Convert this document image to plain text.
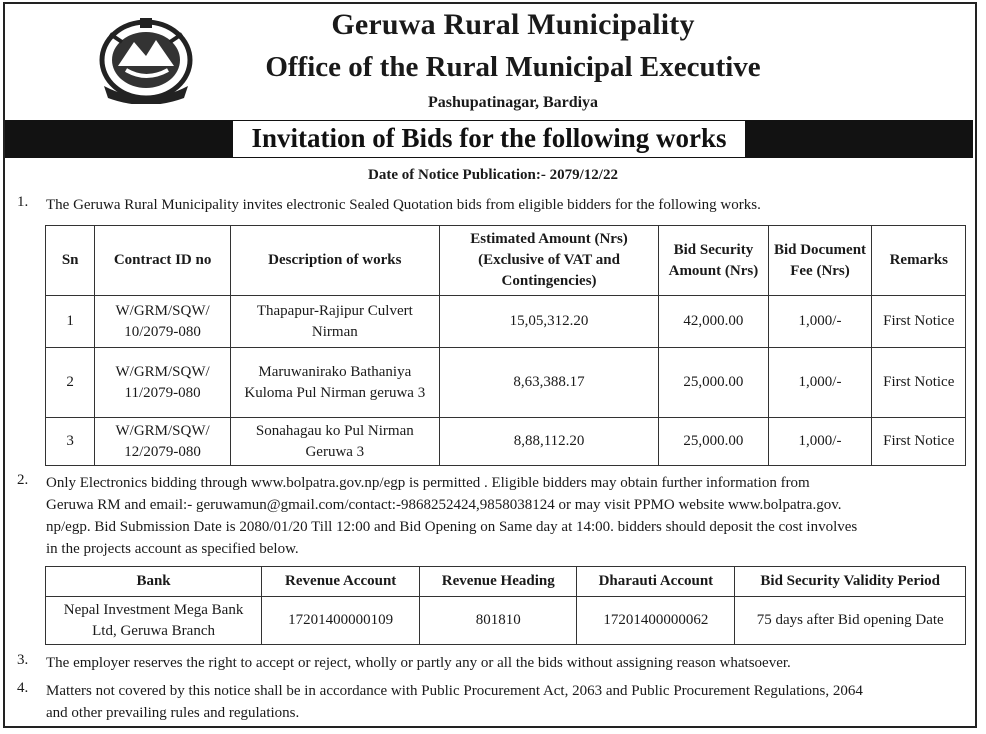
Geruwa Rural Municipality
Office of the Rural Municipal Executive
Pashupatinagar, Bardiya
Invitation of Bids for the following works
Date of Notice Publication:- 2079/12/22
1. The Geruwa Rural Municipality invites electronic Sealed Quotation bids from eligible bidders for the following works.
Sn	Contract ID no	Description of works	Estimated Amount (Nrs) (Exclusive of VAT and Contingencies)	Bid Security Amount (Nrs)	Bid Document Fee (Nrs)	Remarks
1	W/GRM/SQW/ 10/2079-080	Thapapur-Rajipur Culvert Nirman	15,05,312.20	42,000.00	1,000/-	First Notice
2	W/GRM/SQW/ 11/2079-080	Maruwanirako Bathaniya Kuloma Pul Nirman geruwa 3	8,63,388.17	25,000.00	1,000/-	First Notice
3	W/GRM/SQW/ 12/2079-080	Sonahagau ko Pul Nirman Geruwa 3	8,88,112.20	25,000.00	1,000/-	First Notice
2. Only Electronics bidding through www.bolpatra.gov.np/egp is permitted . Eligible bidders may obtain further information from
Geruwa RM and email:- geruwamun@gmail.com/contact:-9868252424,9858038124 or may visit PPMO website www.bolpatra.gov.
np/egp. Bid Submission Date is 2080/01/20 Till 12:00 and Bid Opening on Same day at 14:00. bidders should deposit the cost involves
in the projects account as specified below.
Bank	Revenue Account	Revenue Heading	Dharauti Account	Bid Security Validity Period
Nepal Investment Mega Bank Ltd, Geruwa Branch	17201400000109	801810	17201400000062	75 days after Bid opening Date
3. The employer reserves the right to accept or reject, wholly or partly any or all the bids without assigning reason whatsoever.
4. Matters not covered by this notice shall be in accordance with Public Procurement Act, 2063 and Public Procurement Regulations, 2064
and other prevailing rules and regulations.
